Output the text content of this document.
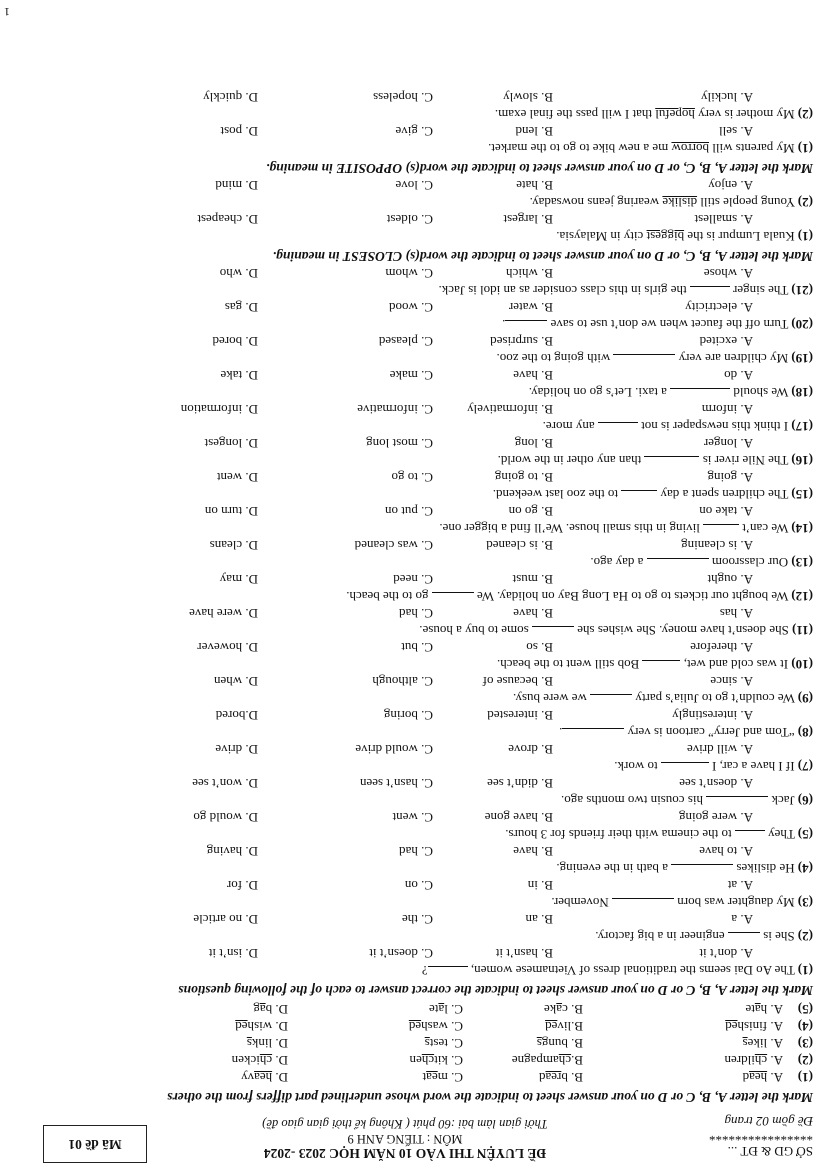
SỞ GD & ĐT ...
****************
Đề gồm 02 trang
ĐỀ LUYỆN THI VÀO 10 NĂM HỌC 2023 -2024
MÔN : TIẾNG ANH 9
Thời gian làm bài :60 phút ( Không kể thời gian giao đề)
Mã đề 01
Mark the letter A, B, C or D on your answer sheet to indicate the word whose underlined part differs from the others
(1)
A. head
B. bread
C. meat
D. heavy
(2)
A. children
B.champagne
C. kitchen
D. chicken
(3)
A. likes
B. bungs
C. tests
D. links
(4)
A. finished
B.lived
C. washed
D. wished
(5)
A. hate
B. cake
C. late
D. bag
Mark the letter A, B, C or D on your answer sheet to indicate the correct answer to each of the following questions
(1) The Ao Dai seems the traditional dress of Vietnamese women, ?
A. don’t it
B. hasn’t it
C. doesn’t it
D. isn’t it
(2) She is  engineer in a big factory.
A. a
B. an
C. the
D. no article
(3) My daughter was born  November.
A. at
B. in
C. on
D. for
(4) He dislikes  a bath in the evening.
A. to have
B. have
C. had
D. having
(5) They  to the cinema with their friends for 3 hours.
A. were going
B. have gone
C. went
D. would go
(6) Jack  his cousin two months ago.
A. doesn’t see
B. didn’t see
C. hasn’t seen
D. won’t see
(7) If I have a car, I  to work.
A. will drive
B. drove
C. would drive
D. drive
(8) “Tom and Jerry” cartoon is very .
A. interestingly
B. interested
C. boring
D.bored
(9) We couldn’t go to Julia’s party  we were busy.
A. since
B. because of
C. although
D. when
(10) It was cold and wet,  Bob still went to the beach.
A. therefore
B. so
C. but
D. however
(11) She doesn’t have money. She wishes she  some to buy a house.
A. has
B. have
C. had
D. were have
(12) We bought our tickets to go to Ha Long Bay on holiday. We  go to the beach.
A. ought
B. must
C. need
D. may
(13) Our classroom  a day ago.
A. is cleaning
B. is cleaned
C. was cleaned
D. cleans
(14) We can’t  living in this small house. We’ll find a bigger one.
A. take on
B. go on
C. put on
D. turn on
(15) The children spent a day  to the zoo last weekend.
A. going
B. to going
C. to go
D. went
(16) The Nile river is  than any other in the world.
A. longer
B. long
C. most long
D. longest
(17) I think this newspaper is not  any more.
A. inform
B. informatively
C. informative
D. information
(18) We should  a taxi. Let’s go on holiday.
A. do
B. have
C. make
D. take
(19) My children are very  with going to the zoo.
A. excited
B. surprised
C. pleased
D. bored
(20) Turn off the faucet when we don’t use to save .
A. electricity
B. water
C. wood
D. gas
(21) The singer  the girls in this class consider as an idol is Jack.
A. whose
B. which
C. whom
D. who
Mark the letter A, B, C, or D on your answer sheet to indicate the word(s) CLOSEST in meaning.
(1) Kuala Lumpur is the biggest city in Malaysia.
A. smallest
B. largest
C. oldest
D. cheapest
(2) Young people still dislike wearing jeans nowsaday.
A. enjoy
B. hate
C. love
D. mind
Mark the letter A, B, C, or D on your answer sheet to indicate the word(s) OPPOSITE in meaning.
(1) My parents will borrow me a new bike to go to the market.
A. sell
B. lend
C. give
D. post
(2) My mother is very hopeful that I will pass the final exam.
A. luckily
B. slowly
C. hopeless
D. quickly
1
